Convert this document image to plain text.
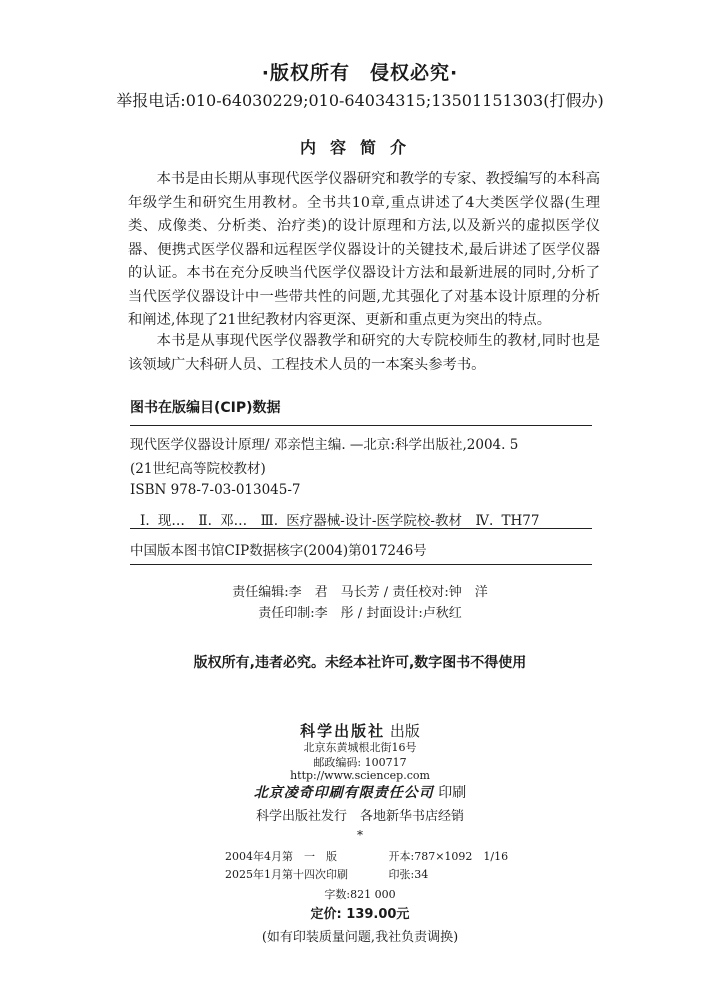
·版权所有　侵权必究·
举报电话:010-64030229;010-64034315;13501151303(打假办)
内容简介
本书是由长期从事现代医学仪器研究和教学的专家、教授编写的本科高年级学生和研究生用教材。全书共10章,重点讲述了4大类医学仪器(生理类、成像类、分析类、治疗类)的设计原理和方法,以及新兴的虚拟医学仪器、便携式医学仪器和远程医学仪器设计的关键技术,最后讲述了医学仪器的认证。本书在充分反映当代医学仪器设计方法和最新进展的同时,分析了当代医学仪器设计中一些带共性的问题,尤其强化了对基本设计原理的分析和阐述,体现了21世纪教材内容更深、更新和重点更为突出的特点。
本书是从事现代医学仪器教学和研究的大专院校师生的教材,同时也是该领域广大科研人员、工程技术人员的一本案头参考书。
图书在版编目(CIP)数据
现代医学仪器设计原理/ 邓亲恺主编. —北京:科学出版社,2004. 5
(21世纪高等院校教材)
ISBN 978-7-03-013045-7
Ⅰ. 现…　Ⅱ. 邓…　Ⅲ. 医疗器械-设计-医学院校-教材　Ⅳ. TH77
中国版本图书馆CIP数据核字(2004)第017246号
责任编辑:李　君　马长芳 / 责任校对:钟　洋
责任印制:李　彤 / 封面设计:卢秋红
版权所有,违者必究。未经本社许可,数字图书不得使用
科学出版社 出版
北京东黄城根北街16号
邮政编码: 100717
http://www.sciencep.com
北京凌奇印刷有限责任公司 印刷
科学出版社发行　各地新华书店经销
*
2004年4月第　一　版	开本:787×1092　1/16
2025年1月第十四次印刷	印张:34
字数:821 000
定价: 139.00元
(如有印装质量问题,我社负责调换)
